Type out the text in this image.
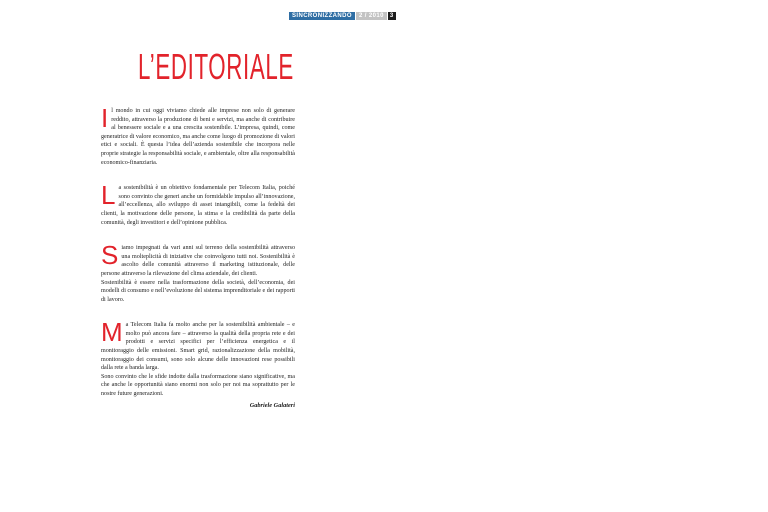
SINCRONIZZANDO	2 / 2010	3
L’EDITORIALE
I l mondo in cui oggi viviamo chiede alle imprese non solo di generare reddito, attraverso la produzione di beni e servizi, ma anche di contribuire al benessere sociale e a una crescita sostenibile. L’impresa, quindi, come generatrice di valore economico, ma anche come luogo di promozione di valori etici e sociali. È questa l’idea dell’azienda sostenibile che incorpora nelle proprie strategie la responsabilità sociale, e ambientale, oltre alla responsabilità economico-finanziaria.

L a sostenibilità è un obiettivo fondamentale per Telecom Italia, poiché sono convinto che generi anche un formidabile impulso all’innovazione, all’eccellenza, allo sviluppo di asset intangibili, come la fedeltà dei clienti, la motivazione delle persone, la stima e la credibilità da parte della comunità, degli investitori e dell’opinione pubblica.

S iamo impegnati da vari anni sul terreno della sostenibilità attraverso una molteplicità di iniziative che coinvolgono tutti noi. Sostenibilità è ascolto delle comunità attraverso il marketing istituzionale, delle persone attraverso la rilevazione del clima aziendale, dei clienti.

Sostenibilità è essere nella trasformazione della società, dell’economia, dei modelli di consumo e nell’evoluzione del sistema imprenditoriale e dei rapporti di lavoro.

M a Telecom Italia fa molto anche per la sostenibilità ambientale – e molto può ancora fare – attraverso la qualità della propria rete e dei prodotti e servizi specifici per l’efficienza energetica e il monitoraggio delle emissioni. Smart grid, razionalizzazione della mobilità, monitoraggio dei consumi, sono solo alcune delle innovazioni rese possibili dalla rete a banda larga.

Sono convinto che le sfide indotte dalla trasformazione siano significative, ma che anche le opportunità siano enormi non solo per noi ma soprattutto per le nostre future generazioni.

Gabriele Galateri
